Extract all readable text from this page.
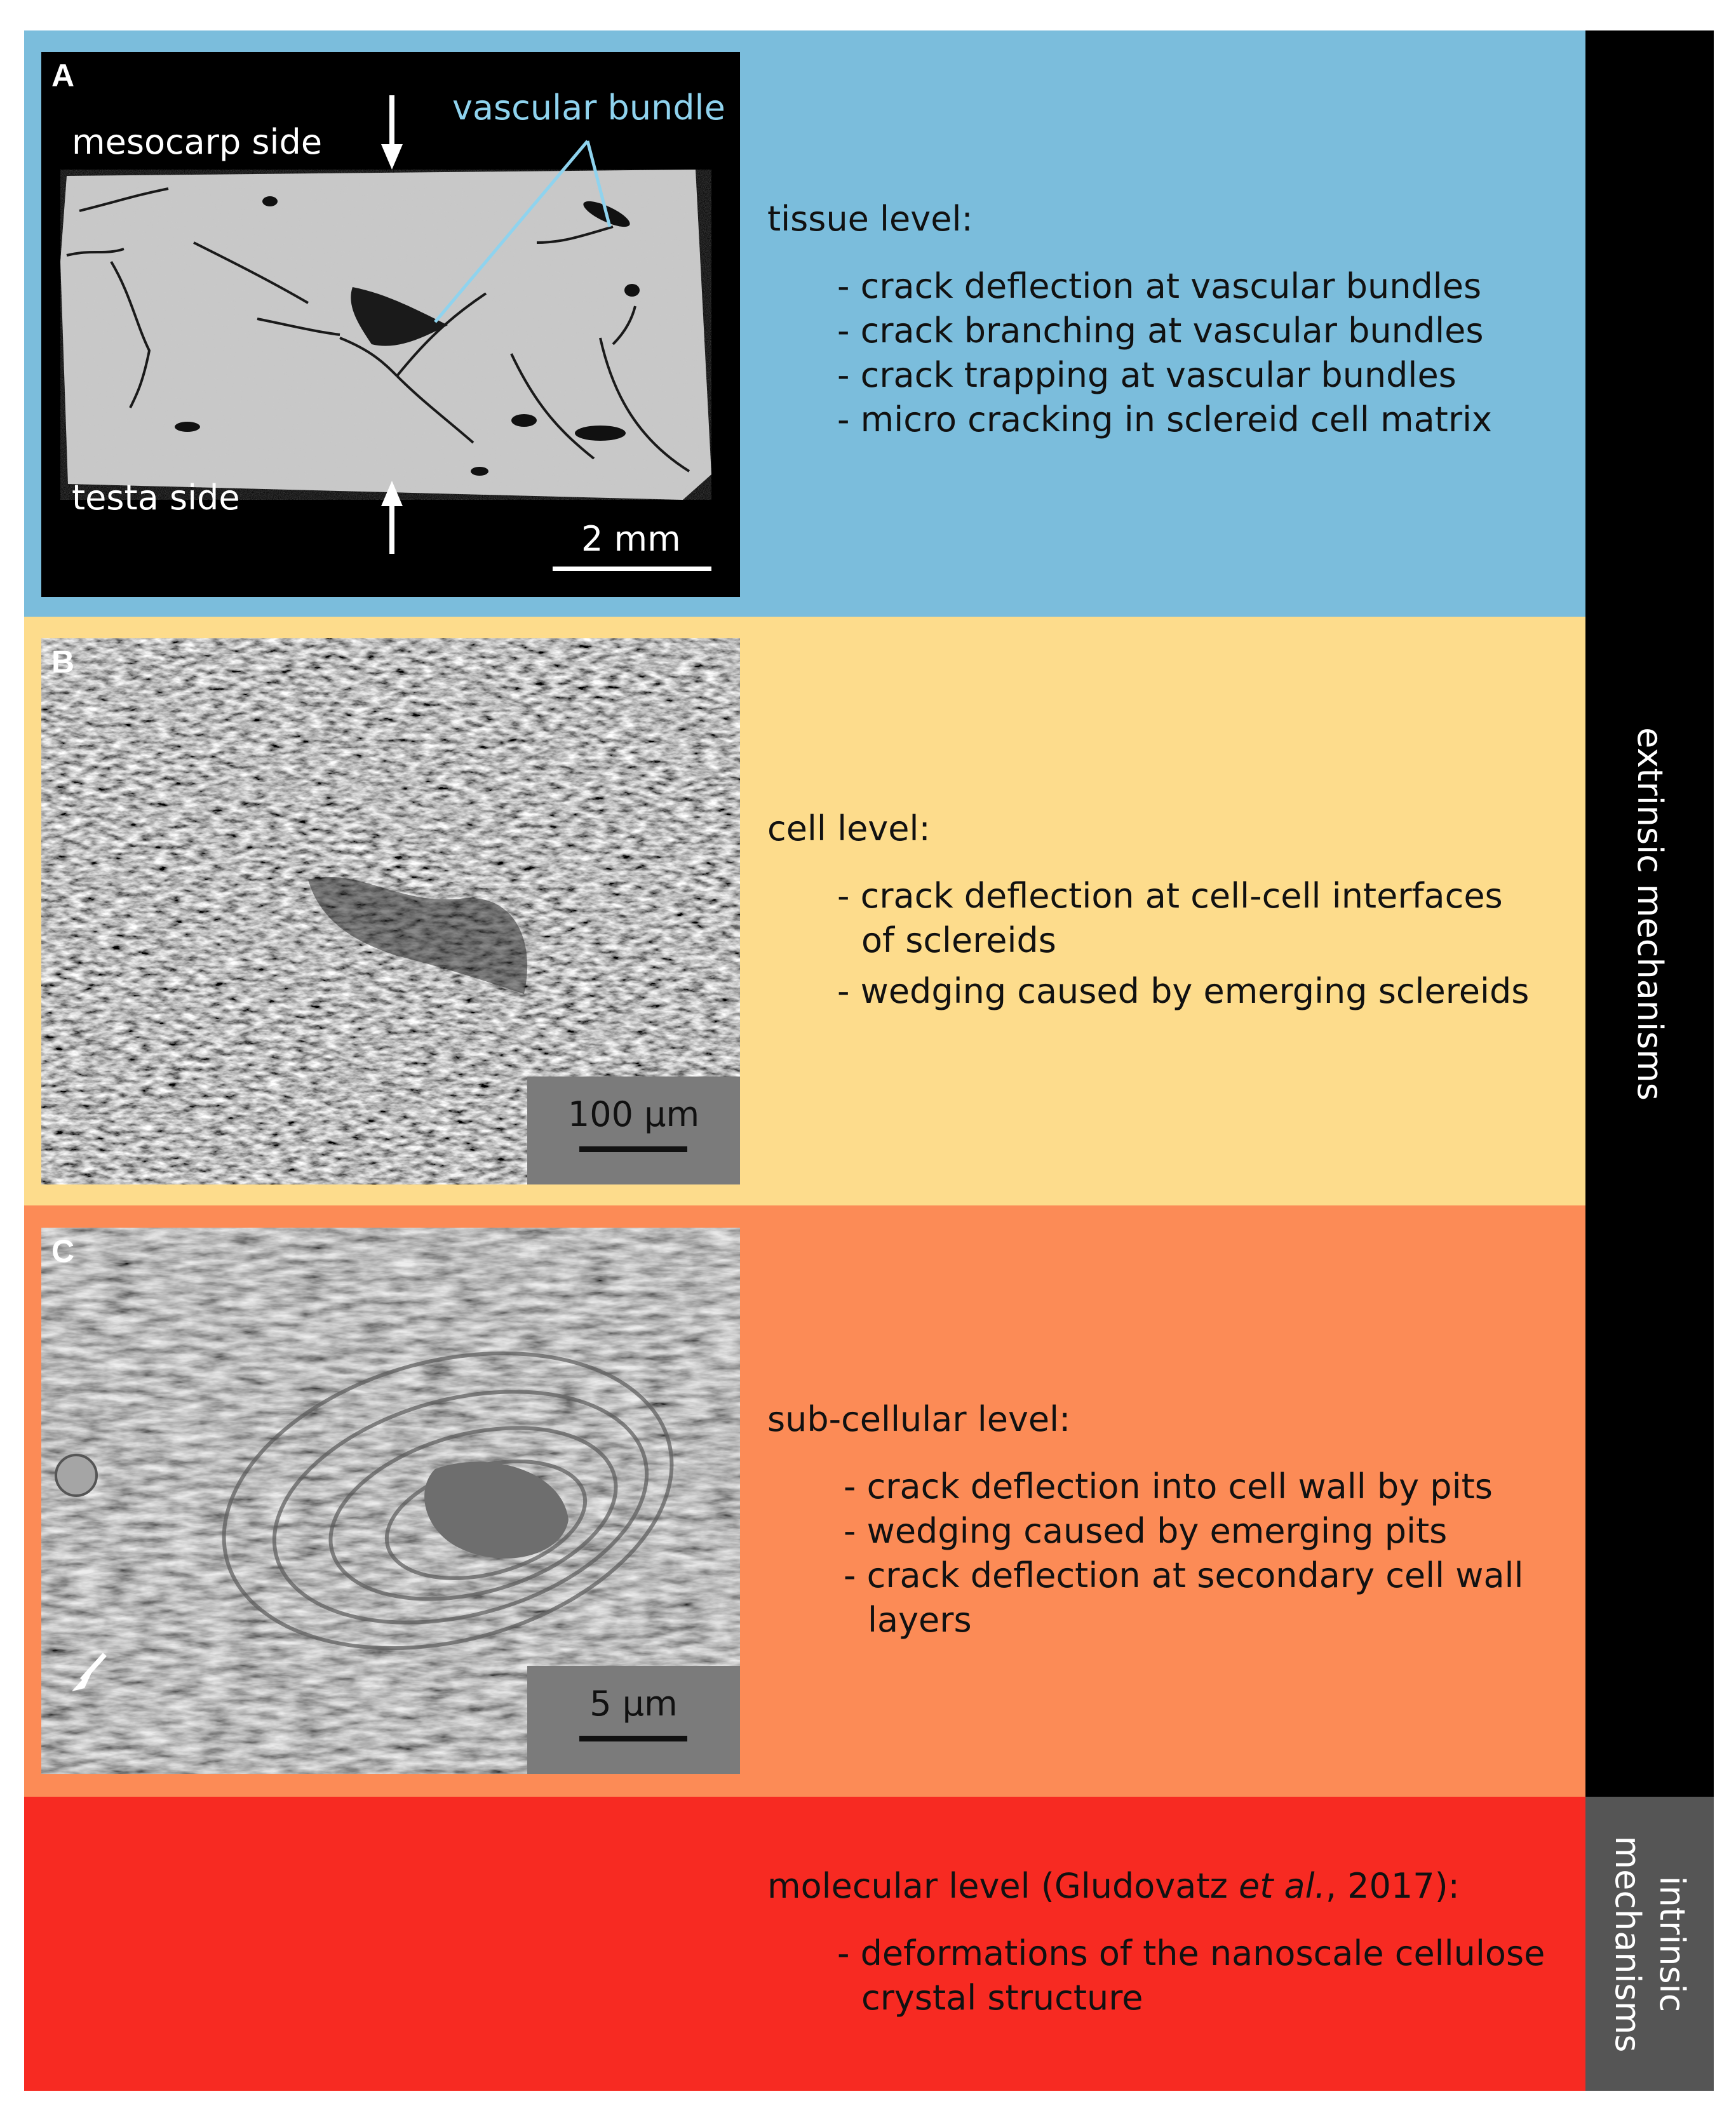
extrinsic mechanisms
intrinsic
mechanisms
A
mesocarp side
testa side
vascular bundle
2 mm
B
100 µm
C
5 µm
tissue level:
- crack deflection at vascular bundles
- crack branching at vascular bundles
- crack trapping at vascular bundles
- micro cracking in sclereid cell matrix
cell level:
- crack deflection at cell-cell interfaces
of sclereids
- wedging caused by emerging sclereids
sub-cellular level:
- crack deflection into cell wall by pits
- wedging caused by emerging pits
- crack deflection at secondary cell wall
layers
molecular level (Gludovatz et al., 2017):
- deformations of the nanoscale cellulose
crystal structure
